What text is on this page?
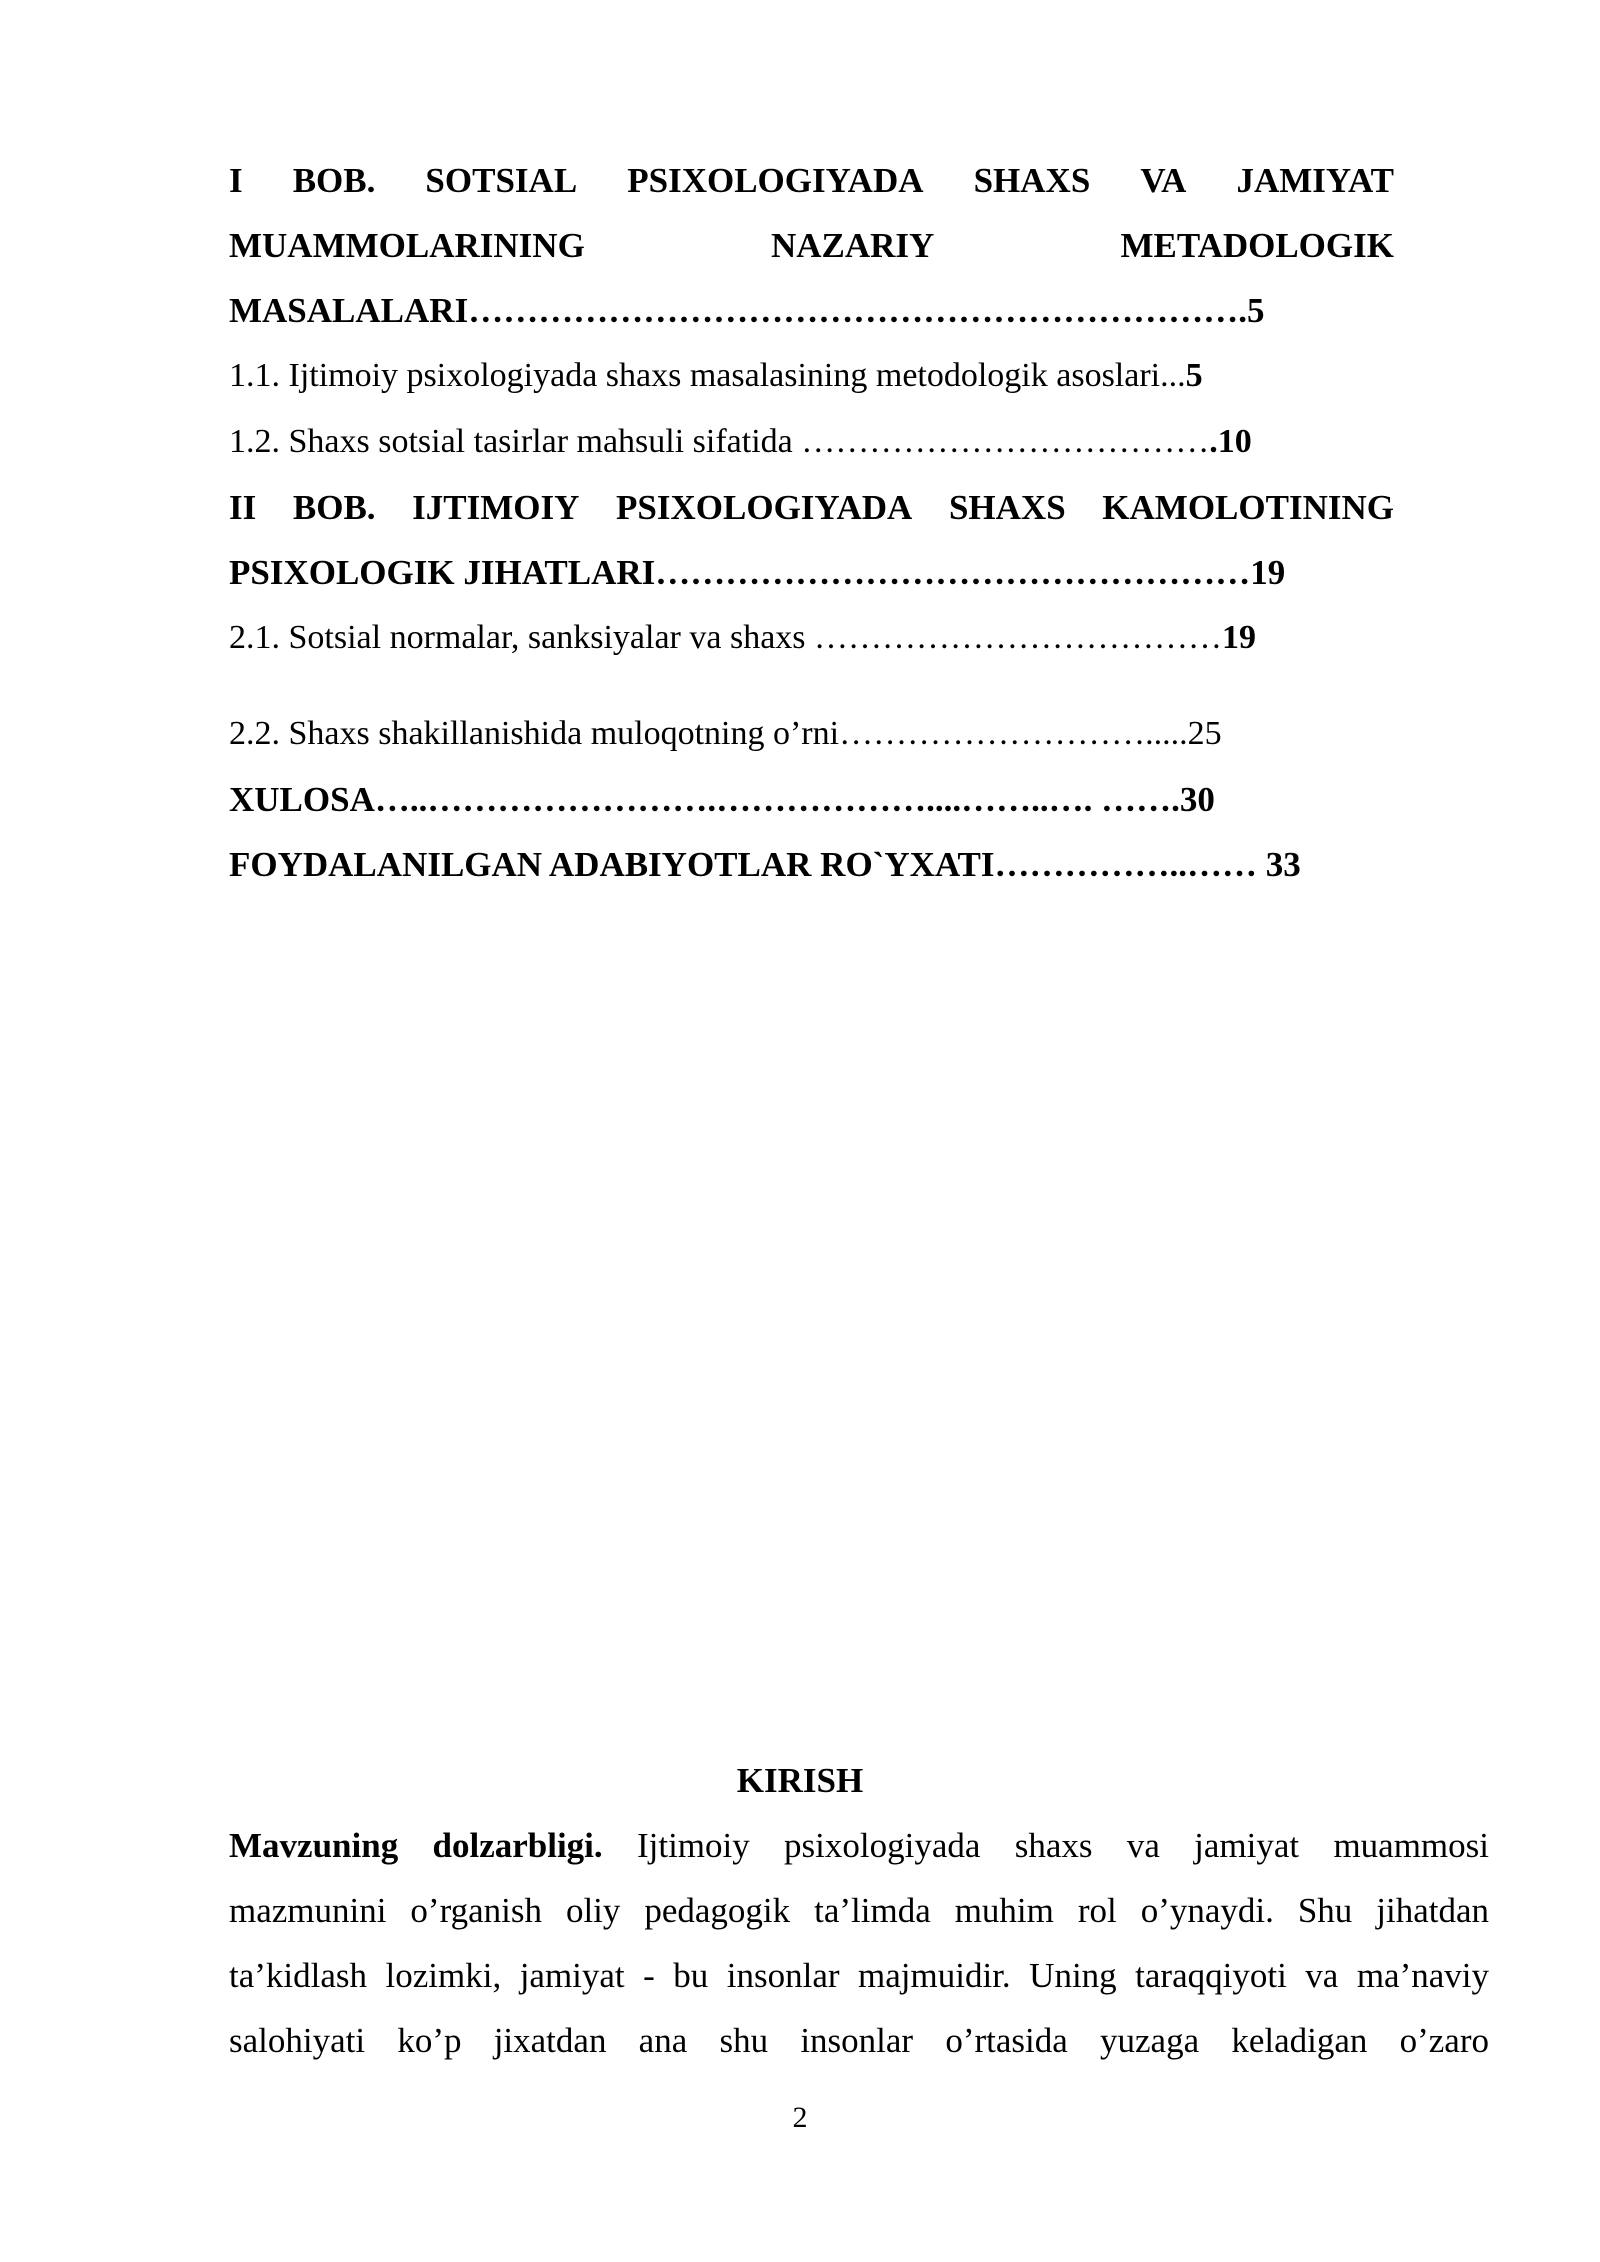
I BOB. SOTSIAL PSIXOLOGIYADA SHAXS VA JAMIYAT
MUAMMOLARINING	NAZARIY	METADOLOGIK
MASALALARI………………………………………………………….5
1.1. Ijtimoiy psixologiyada shaxs masalasining metodologik asoslari...5
1.2. Shaxs sotsial tasirlar mahsuli sifatida ……………………………….10
II BOB. IJTIMOIY PSIXOLOGIYADA SHAXS KAMOLOTINING
PSIXOLOGIK JIHATLARI……………………………………………19
2.1. Sotsial normalar, sanksiyalar va shaxs ………………………………19
2.2. Shaxs shakillanishida muloqotning o’rni……………………….....25
XULOSA…..…………………….………………....……..…. …….30
FOYDALANILGAN ADABIYOTLAR RO`YXATI……………..…… 33
KIRISH
Mavzuning dolzarbligi. Ijtimoiy psixologiyada shaxs va jamiyat muammosi
mazmunini o’rganish oliy pedagogik ta’limda muhim rol o’ynaydi. Shu jihatdan
ta’kidlash lozimki, jamiyat - bu insonlar majmuidir. Uning taraqqiyoti va ma’naviy
salohiyati ko’p jixatdan ana shu insonlar o’rtasida yuzaga keladigan o’zaro
2
